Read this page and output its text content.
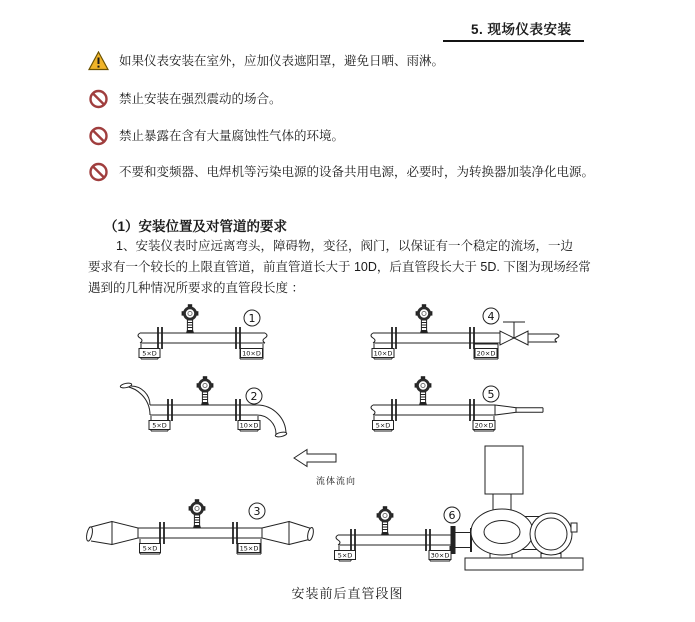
5. 现场仪表安装
如果仪表安装在室外，应加仪表遮阳罩，避免日晒、雨淋。
禁止安装在强烈震动的场合。
禁止暴露在含有大量腐蚀性气体的环境。
不要和变频器、电焊机等污染电源的设备共用电源，必要时，为转换器加装净化电源。
（1）安装位置及对管道的要求
1、安装仪表时应远离弯头，障碍物，变径，阀门，以保证有一个稳定的流场，一边
要求有一个较长的上限直管道，前直管道长大于 10D，后直管段长大于 5D. 下图为现场经常
遇到的几种情况所要求的直管段长度 ：
1
5×D	10×D
4
10×D	20×D
2
5×D	10×D
5
5×D	20×D
流体流向
3
5×D	15×D
6
5×D	30×D
安装前后直管段图
